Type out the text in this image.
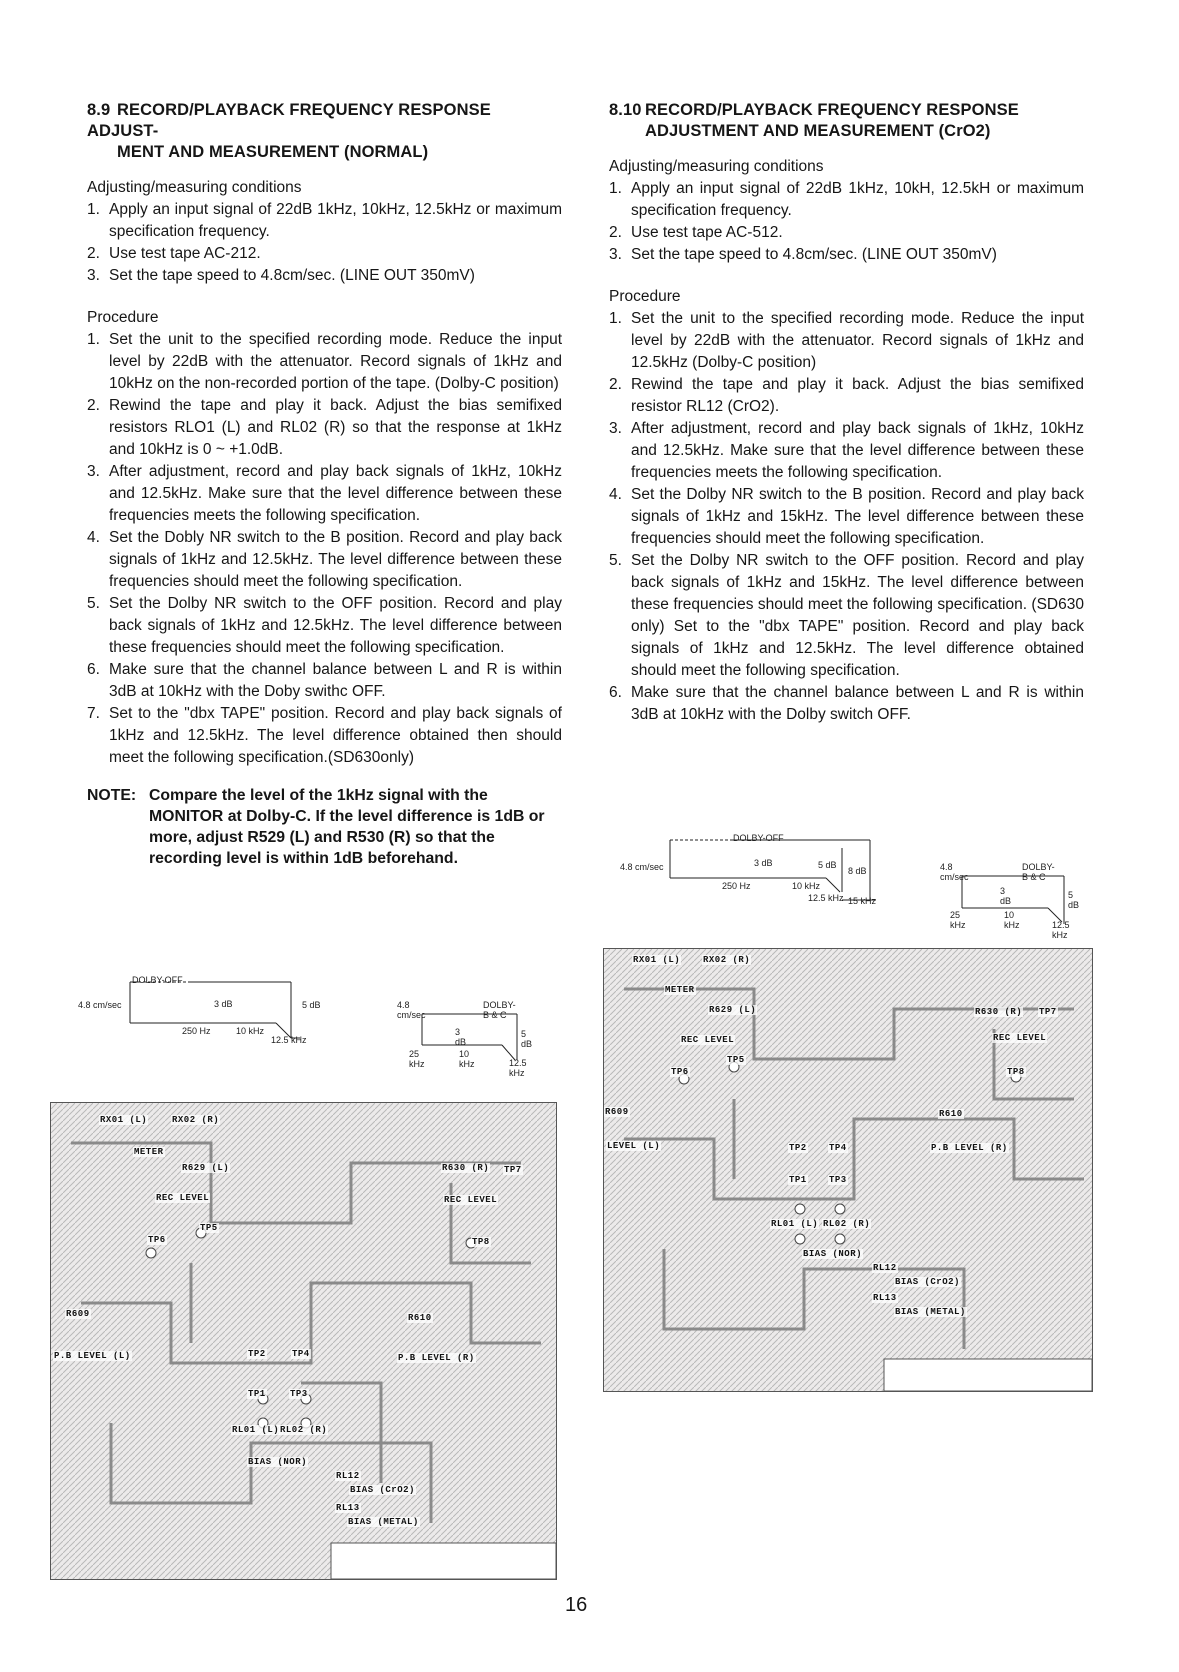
8.9 RECORD/PLAYBACK FREQUENCY RESPONSE ADJUST-
MENT AND MEASUREMENT (NORMAL)

Adjusting/measuring conditions

1. Apply an input signal of 22dB 1kHz, 10kHz, 12.5kHz or maximum specification frequency.
2. Use test tape AC-212.
3. Set the tape speed to 4.8cm/sec. (LINE OUT 350mV)

Procedure

1. Set the unit to the specified recording mode. Reduce the input level by 22dB with the attenuator. Record signals of 1kHz and 10kHz on the non-recorded portion of the tape. (Dolby-C position)
2. Rewind the tape and play it back. Adjust the bias semifixed resistors RLO1 (L) and RL02 (R) so that the response at 1kHz and 10kHz is 0 ~ +1.0dB.
3. After adjustment, record and play back signals of 1kHz, 10kHz and 12.5kHz. Make sure that the level difference between these frequencies meets the following specification.
4. Set the Dobly NR switch to the B position. Record and play back signals of 1kHz and 12.5kHz. The level difference between these frequencies should meet the following specification.
5. Set the Dolby NR switch to the OFF position. Record and play back signals of 1kHz and 12.5kHz. The level difference between these frequencies should meet the following specification.
6. Make sure that the channel balance between L and R is within 3dB at 10kHz with the Doby swithc OFF.
7. Set to the "dbx TAPE" position. Record and play back signals of 1kHz and 12.5kHz. The level difference obtained then should meet the following specification.(SD630only)
NOTE: Compare the level of the 1kHz signal with the MONITOR at Dolby-C. If the level difference is 1dB or more, adjust R529 (L) and R530 (R) so that the recording level is within 1dB beforehand.
DOLBY-OFF
4.8 cm/sec	3 dB	5 dB
250 Hz	10 kHz
12.5 kHz
4.8 cm/sec
DOLBY-B & C
3 dB
5 dB
25 kHz
10 kHz	12.5 kHz
RX01 (L)	RX02 (R)
METER
R629 (L)
REC LEVEL
R630 (R) TP7
REC LEVEL
TP5
TP6	TP8
R609
P.B LEVEL (L)
R610
P.B LEVEL (R)
TP2	TP4
TP1	TP3
RL01 (L) RL02 (R)
BIAS (NOR)
RL12
BIAS (CrO2)
RL13
BIAS (METAL)
8.10 RECORD/PLAYBACK FREQUENCY RESPONSE
ADJUSTMENT AND MEASUREMENT (CrO2)

Adjusting/measuring conditions

1. Apply an input signal of 22dB 1kHz, 10kH, 12.5kH or maximum specification frequency.
2. Use test tape AC-512.
3. Set the tape speed to 4.8cm/sec. (LINE OUT 350mV)

Procedure

1. Set the unit to the specified recording mode. Reduce the input level by 22dB with the attenuator. Record signals of 1kHz and 12.5kHz (Dolby-C position)
2. Rewind the tape and play it back. Adjust the bias semifixed resistor RL12 (CrO2).
3. After adjustment, record and play back signals of 1kHz, 10kHz and 12.5kHz. Make sure that the level difference between these frequencies meets the following specification.
4. Set the Dolby NR switch to the B position. Record and play back signals of 1kHz and 15kHz. The level difference between these frequencies should meet the following specification.
5. Set the Dolby NR switch to the OFF position. Record and play back signals of 1kHz and 15kHz. The level difference between these frequencies should meet the following specification. (SD630 only) Set to the "dbx TAPE" position. Record and play back signals of 1kHz and 12.5kHz. The level difference obtained should meet the following specification.
6. Make sure that the channel balance between L and R is within 3dB at 10kHz with the Dolby switch OFF.
DOLBY-OFF
4.8 cm/sec	3 dB	5 dB
8 dB
250 Hz	10 kHz
12.5 kHz 15 kHz
4.8 cm/sec
DOLBY-B & C
3 dB
5 dB
25 kHz
10 kHz	12.5 kHz
RX01 (L)	RX02 (R)
METER
R629 (L)
REC LEVEL
R630 (R) TP7
REC LEVEL
TP5
TP6	TP8
R609
LEVEL (L)
R610
P.B LEVEL (R)
TP2 TP4
TP1 TP3
RL01 (L) RL02 (R)
BIAS (NOR)
RL12
BIAS (CrO2)
RL13
BIAS (METAL)
16
